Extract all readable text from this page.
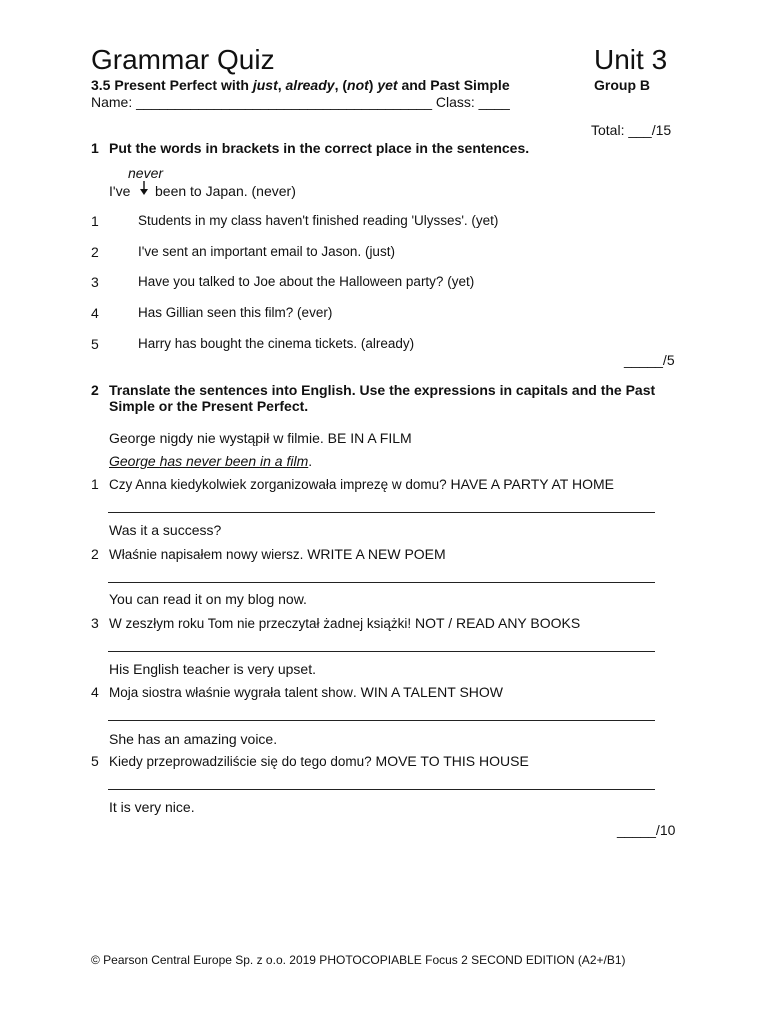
Grammar Quiz	Unit 3
3.5 Present Perfect with just, already, (not) yet and Past Simple	Group B
Name: ______________________________________ Class: ____
Total: ___/15
1 Put the words in brackets in the correct place in the sentences.
never
I've been to Japan. (never)
1	Students in my class haven't finished reading 'Ulysses'. (yet)
2	I've sent an important email to Jason. (just)
3	Have you talked to Joe about the Halloween party? (yet)
4	Has Gillian seen this film? (ever)
5	Harry has bought the cinema tickets. (already)
_____/5
2 Translate the sentences into English. Use the expressions in capitals and the Past
Simple or the Present Perfect.
George nigdy nie wystąpił w filmie. BE IN A FILM
George has never been in a film.
1 Czy Anna kiedykolwiek zorganizowała imprezę w domu? HAVE A PARTY AT HOME
Was it a success?
2 Właśnie napisałem nowy wiersz. WRITE A NEW POEM
You can read it on my blog now.
3 W zeszłym roku Tom nie przeczytał żadnej książki! NOT / READ ANY BOOKS
His English teacher is very upset.
4 Moja siostra właśnie wygrała talent show. WIN A TALENT SHOW
She has an amazing voice.
5 Kiedy przeprowadziliście się do tego domu? MOVE TO THIS HOUSE
It is very nice.
_____/10
© Pearson Central Europe Sp. z o.o. 2019 PHOTOCOPIABLE Focus 2 SECOND EDITION (A2+/B1)
